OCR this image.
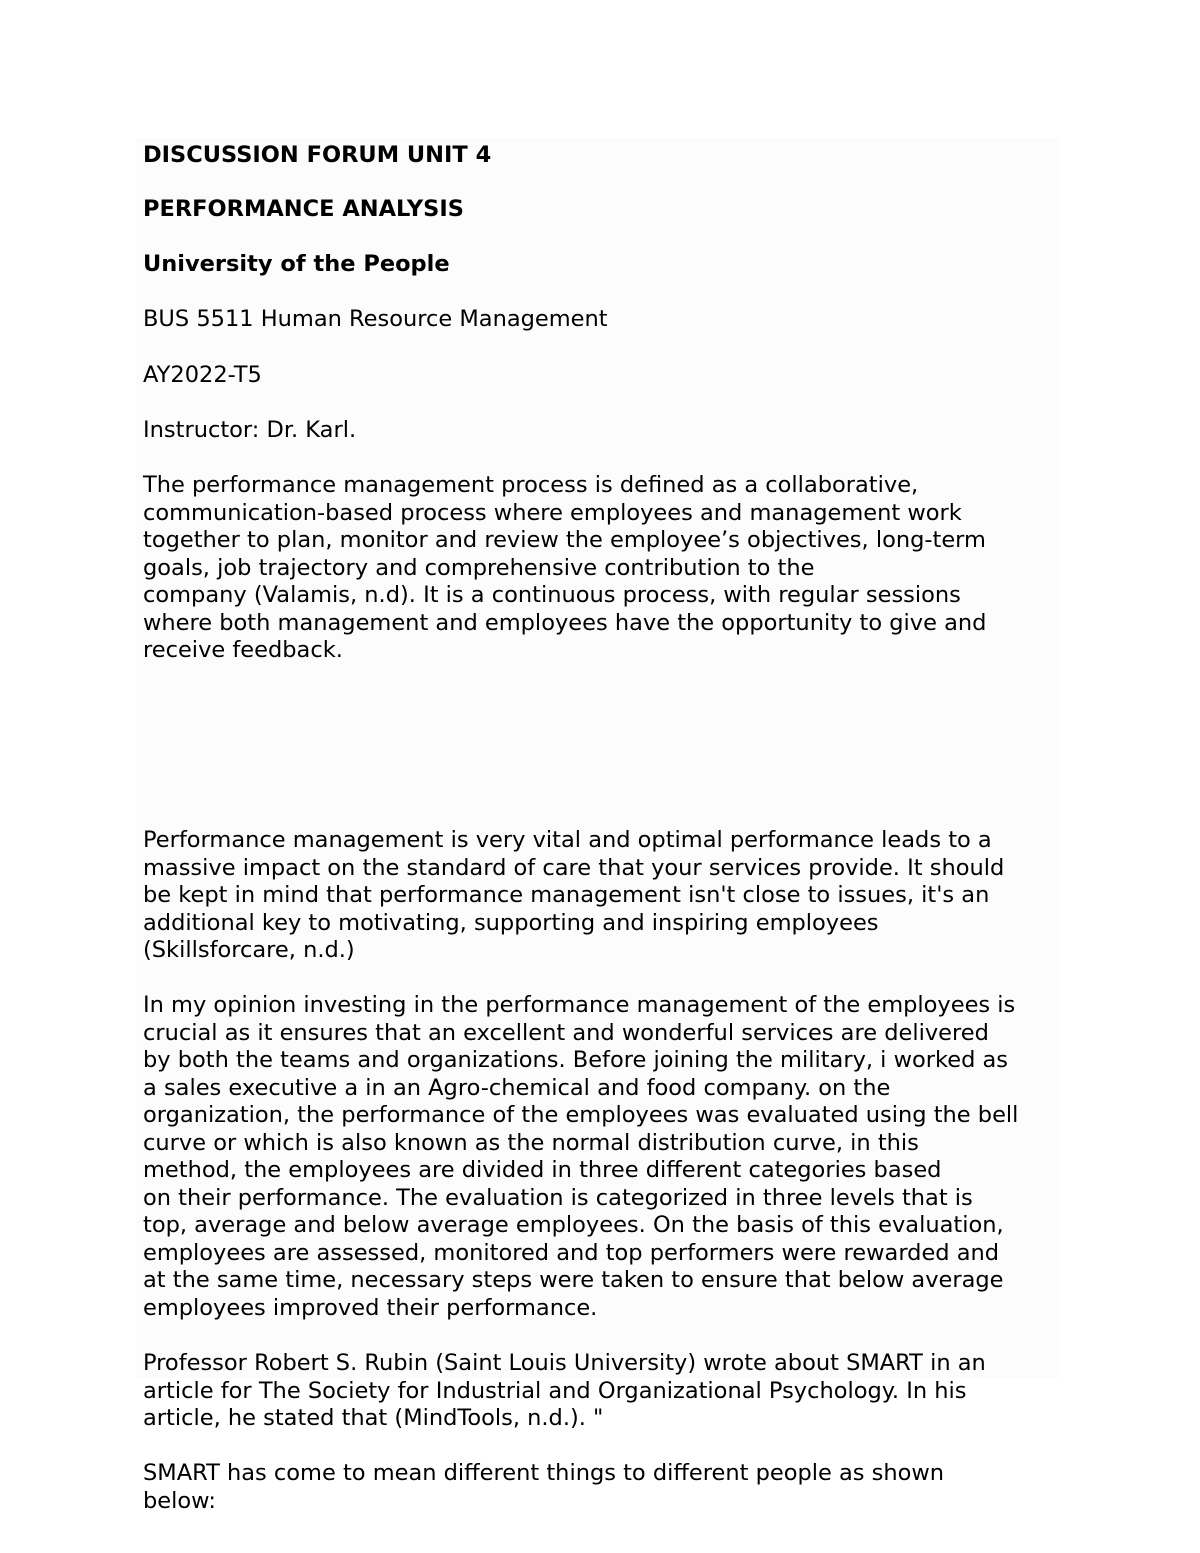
DISCUSSION FORUM UNIT 4

PERFORMANCE ANALYSIS

University of the People

BUS 5511 Human Resource Management

AY2022-T5

Instructor: Dr. Karl.

The performance management process is defined as a collaborative,
communication-based process where employees and management work
together to plan, monitor and review the employee’s objectives, long-term
goals, job trajectory and comprehensive contribution to the
company (Valamis, n.d). It is a continuous process, with regular sessions
where both management and employees have the opportunity to give and
receive feedback.
Performance management is very vital and optimal performance leads to a
massive impact on the standard of care that your services provide. It should
be kept in mind that performance management isn't close to issues, it's an
additional key to motivating, supporting and inspiring employees
(Skillsforcare, n.d.)
In my opinion investing in the performance management of the employees is
crucial as it ensures that an excellent and wonderful services are delivered
by both the teams and organizations. Before joining the military, i worked as
a sales executive a in an Agro-chemical and food company. on the
organization, the performance of the employees was evaluated using the bell
curve or which is also known as the normal distribution curve, in this
method, the employees are divided in three different categories based
on their performance. The evaluation is categorized in three levels that is
top, average and below average employees. On the basis of this evaluation,
employees are assessed, monitored and top performers were rewarded and
at the same time, necessary steps were taken to ensure that below average
employees improved their performance.
Professor Robert S. Rubin (Saint Louis University) wrote about SMART in an
article for The Society for Industrial and Organizational Psychology. In his
article, he stated that (MindTools, n.d.). "
SMART has come to mean different things to different people as shown
below:
